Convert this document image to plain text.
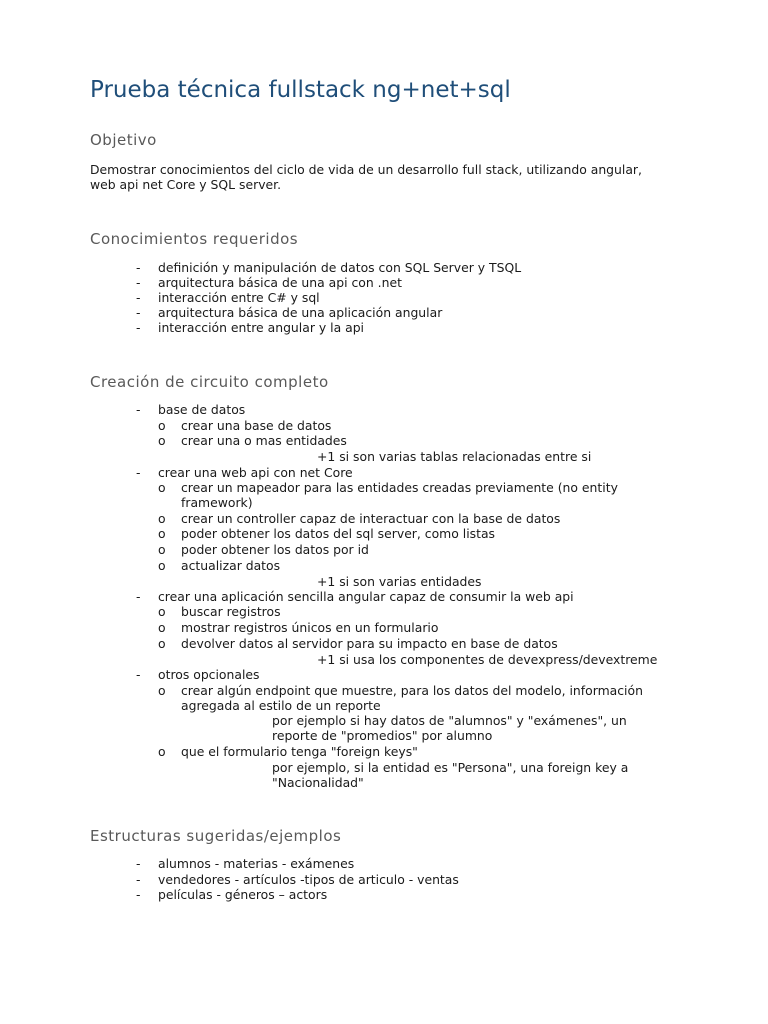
Prueba técnica fullstack ng+net+sql
Objetivo
Demostrar conocimientos del ciclo de vida de un desarrollo full stack, utilizando angular,
web api net Core y SQL server.
Conocimientos requeridos
- definición y manipulación de datos con SQL Server y TSQL
- arquitectura básica de una api con .net
- interacción entre C# y sql
- arquitectura básica de una aplicación angular
- interacción entre angular y la api
Creación de circuito completo
- base de datos
o crear una base de datos
o crear una o mas entidades
+1 si son varias tablas relacionadas entre si
- crear una web api con net Core
o crear un mapeador para las entidades creadas previamente (no entity
framework)
o crear un controller capaz de interactuar con la base de datos
o poder obtener los datos del sql server, como listas
o poder obtener los datos por id
o actualizar datos
+1 si son varias entidades
- crear una aplicación sencilla angular capaz de consumir la web api
o buscar registros
o mostrar registros únicos en un formulario
o devolver datos al servidor para su impacto en base de datos
+1 si usa los componentes de devexpress/devextreme
- otros opcionales
o crear algún endpoint que muestre, para los datos del modelo, información
agregada al estilo de un reporte
por ejemplo si hay datos de "alumnos" y "exámenes", un
reporte de "promedios" por alumno
o que el formulario tenga "foreign keys"
por ejemplo, si la entidad es "Persona", una foreign key a
"Nacionalidad"
Estructuras sugeridas/ejemplos
- alumnos - materias - exámenes
- vendedores - artículos -tipos de articulo - ventas
- películas - géneros – actors
